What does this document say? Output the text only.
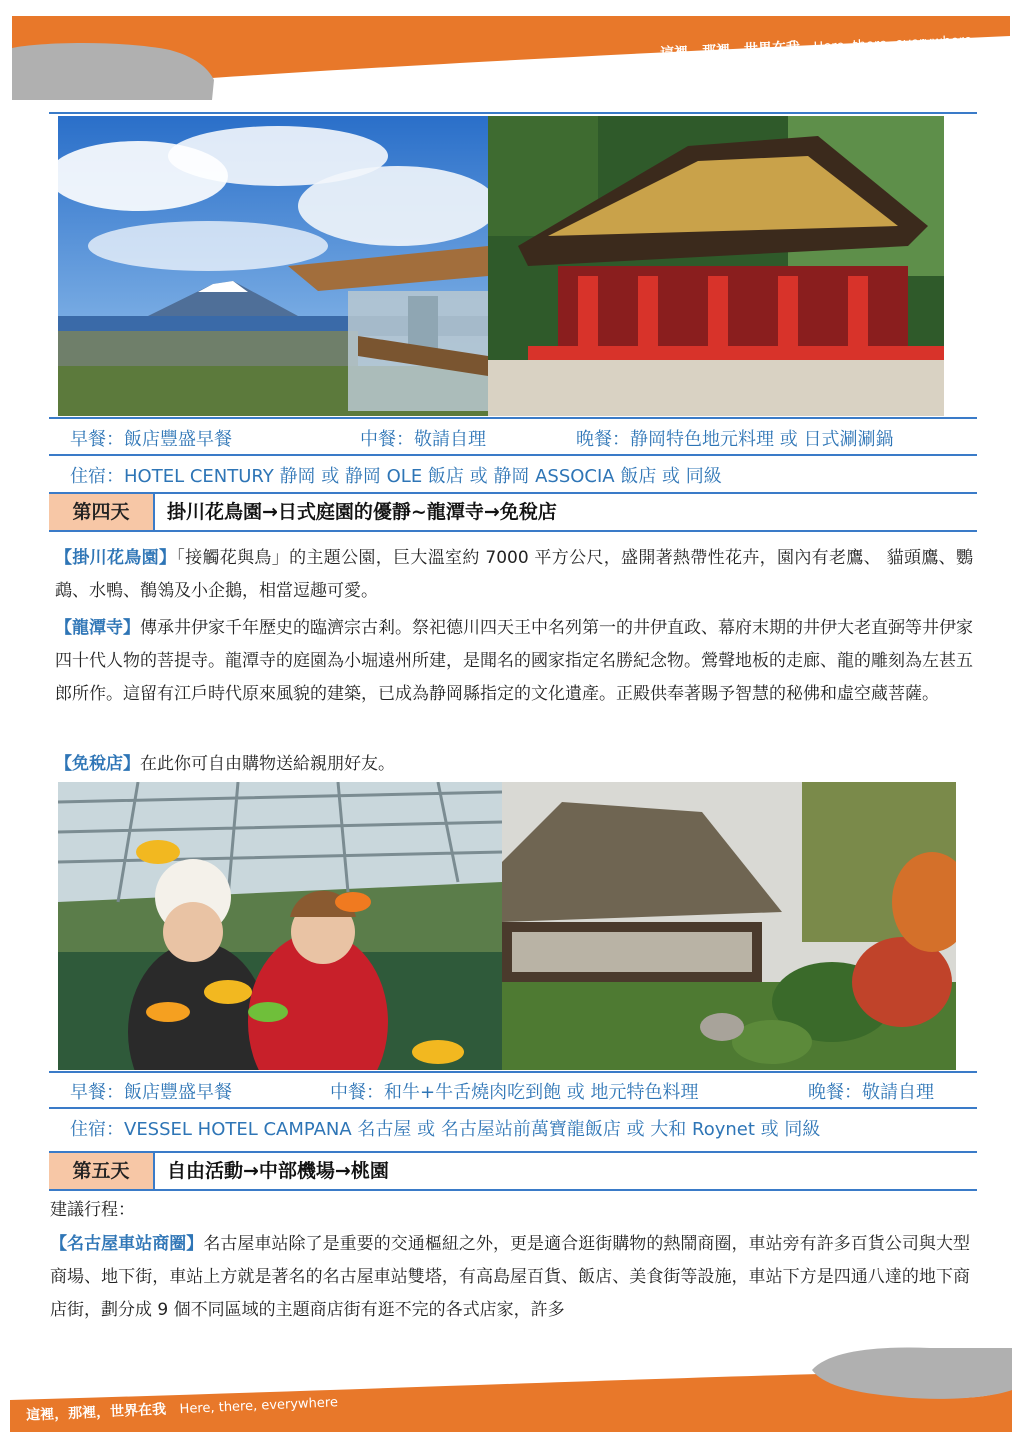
這裡，那裡，世界在我 Here, there, everywhere
早餐：飯店豐盛早餐	中餐：敬請自理	晚餐：静岡特色地元料理 或 日式涮涮鍋
住宿：HOTEL CENTURY 静岡 或 静岡 OLE 飯店 或 静岡 ASSOCIA 飯店 或 同級
第四天	掛川花鳥園→日式庭園的優靜~龍潭寺→免稅店
【掛川花鳥園】「接觸花與鳥」的主題公園，巨大溫室約 7000 平方公尺，盛開著熱帶性花卉，園內有老鷹、 貓頭鷹、鸚鵡、水鴨、鶺鴒及小企鵝，相當逗趣可愛。
【龍潭寺】傳承井伊家千年歷史的臨濟宗古剎。祭祀德川四天王中名列第一的井伊直政、幕府末期的井伊大老直弼等井伊家四十代人物的菩提寺。龍潭寺的庭園為小堀遠州所建，是聞名的國家指定名勝紀念物。鶯聲地板的走廊、龍的雕刻為左甚五郎所作。這留有江戶時代原來風貌的建築，已成為静岡縣指定的文化遺產。正殿供奉著賜予智慧的秘佛和虛空蔵菩薩。
【免稅店】在此你可自由購物送給親朋好友。
早餐：飯店豐盛早餐	中餐：和牛+牛舌燒肉吃到飽 或 地元特色料理	晚餐：敬請自理
住宿：VESSEL HOTEL CAMPANA 名古屋 或 名古屋站前萬寶龍飯店 或 大和 Roynet 或 同級
第五天	自由活動→中部機場→桃園
建議行程：
【名古屋車站商圈】名古屋車站除了是重要的交通樞紐之外，更是適合逛街購物的熱鬧商圈，車站旁有許多百貨公司與大型商場、地下街，車站上方就是著名的名古屋車站雙塔，有高島屋百貨、飯店、美食街等設施，車站下方是四通八達的地下商店街，劃分成 9 個不同區域的主題商店街有逛不完的各式店家，許多
這裡，那裡，世界在我 Here, there, everywhere
